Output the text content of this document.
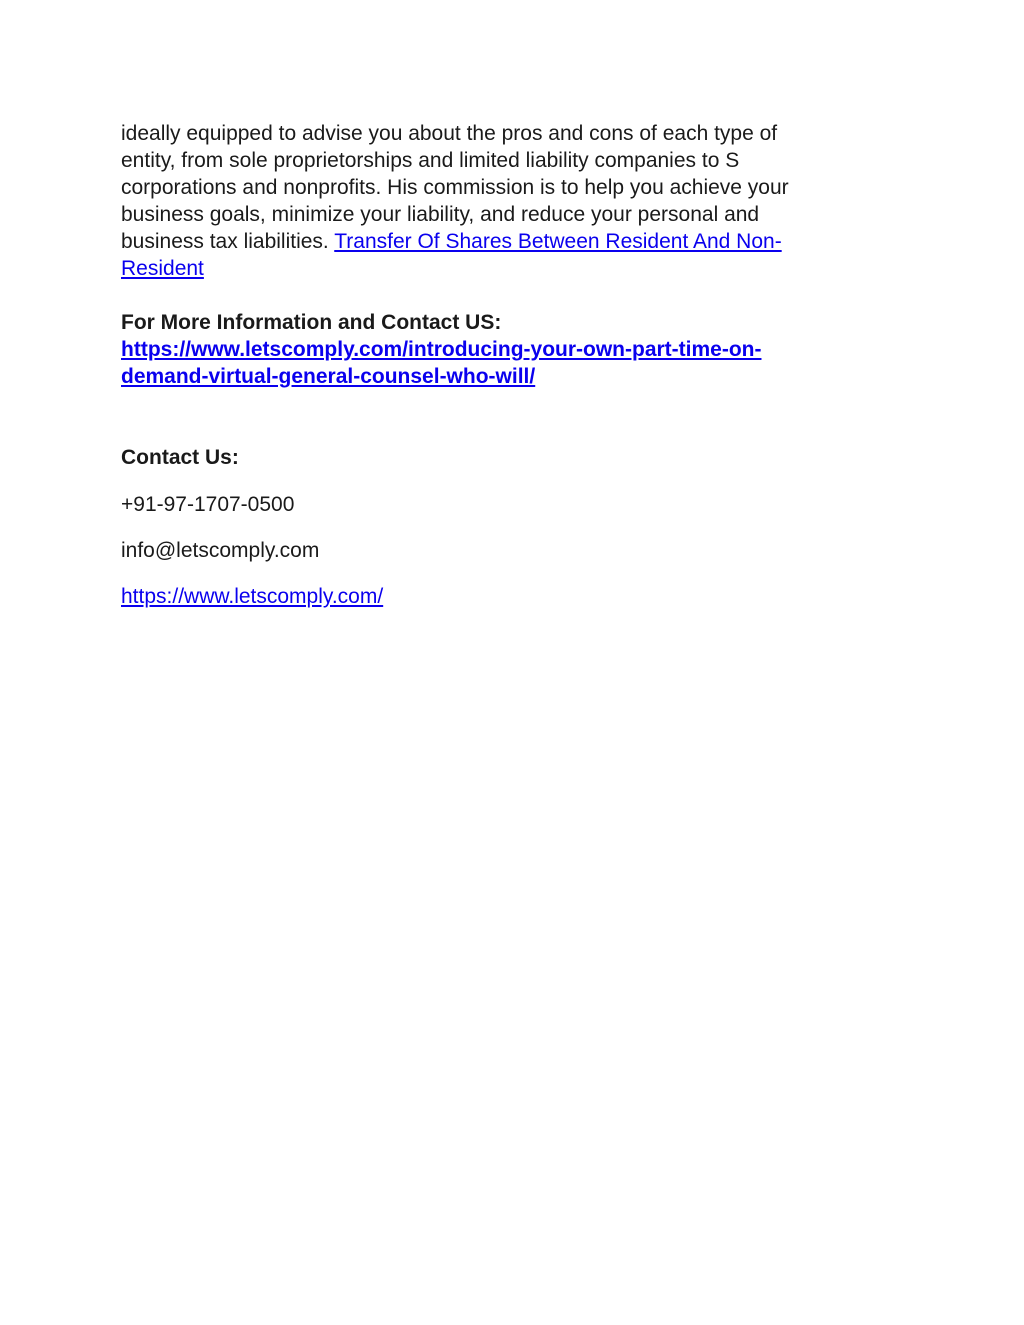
ideally equipped to advise you about the pros and cons of each type of
entity, from sole proprietorships and limited liability companies to S
corporations and nonprofits. His commission is to help you achieve your
business goals, minimize your liability, and reduce your personal and
business tax liabilities. Transfer Of Shares Between Resident And Non-
Resident

For More Information and Contact US:
https://www.letscomply.com/introducing-your-own-part-time-on-
demand-virtual-general-counsel-who-will/
Contact Us:
+91-97-1707-0500
info@letscomply.com
https://www.letscomply.com/
